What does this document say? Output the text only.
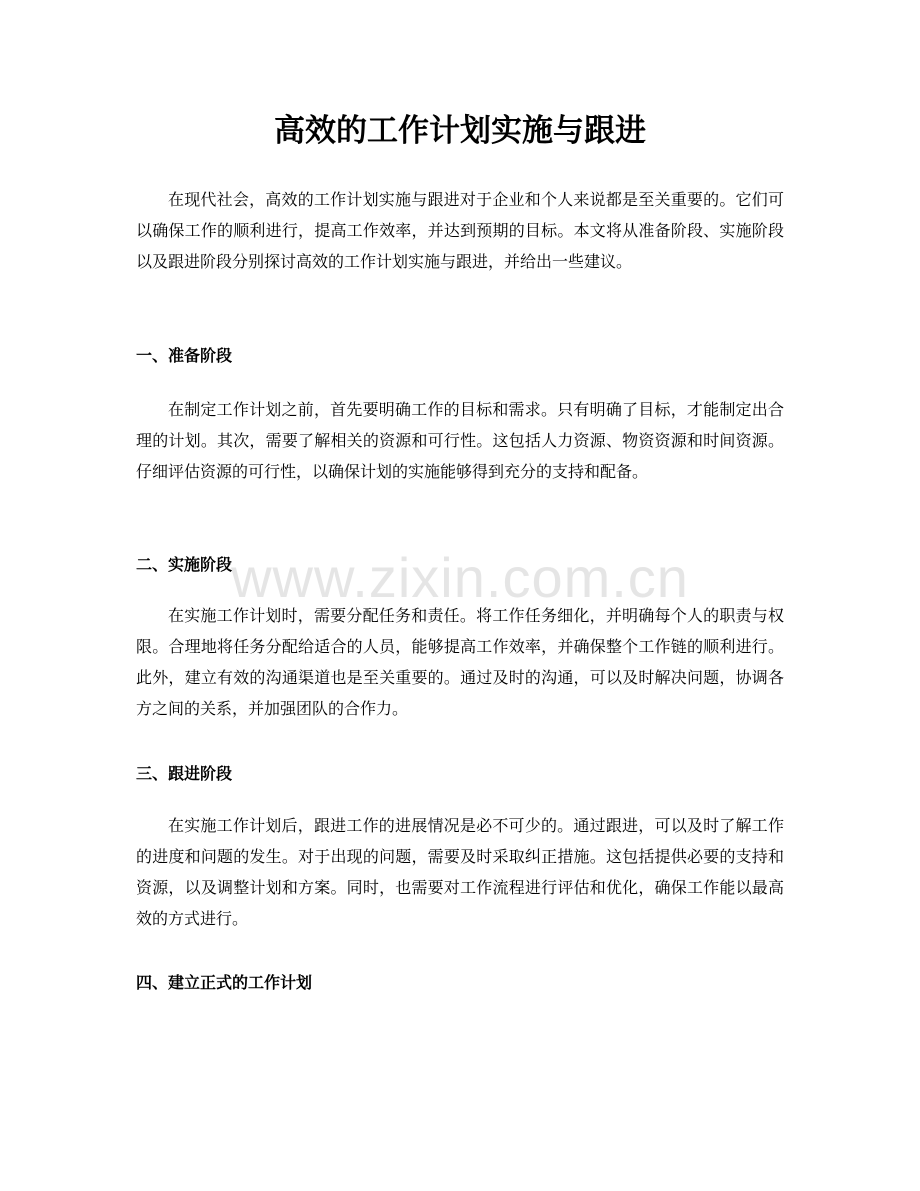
高效的工作计划实施与跟进

在现代社会，高效的工作计划实施与跟进对于企业和个人来说都是至关重要的。它们可以确保工作的顺利进行，提高工作效率，并达到预期的目标。本文将从准备阶段、实施阶段以及跟进阶段分别探讨高效的工作计划实施与跟进，并给出一些建议。

一、准备阶段

在制定工作计划之前，首先要明确工作的目标和需求。只有明确了目标，才能制定出合理的计划。其次，需要了解相关的资源和可行性。这包括人力资源、物资资源和时间资源。仔细评估资源的可行性，以确保计划的实施能够得到充分的支持和配备。

二、实施阶段

在实施工作计划时，需要分配任务和责任。将工作任务细化，并明确每个人的职责与权限。合理地将任务分配给适合的人员，能够提高工作效率，并确保整个工作链的顺利进行。此外，建立有效的沟通渠道也是至关重要的。通过及时的沟通，可以及时解决问题，协调各方之间的关系，并加强团队的合作力。

三、跟进阶段

在实施工作计划后，跟进工作的进展情况是必不可少的。通过跟进，可以及时了解工作的进度和问题的发生。对于出现的问题，需要及时采取纠正措施。这包括提供必要的支持和资源，以及调整计划和方案。同时，也需要对工作流程进行评估和优化，确保工作能以最高效的方式进行。

四、建立正式的工作计划
www.zixin.com.cn
